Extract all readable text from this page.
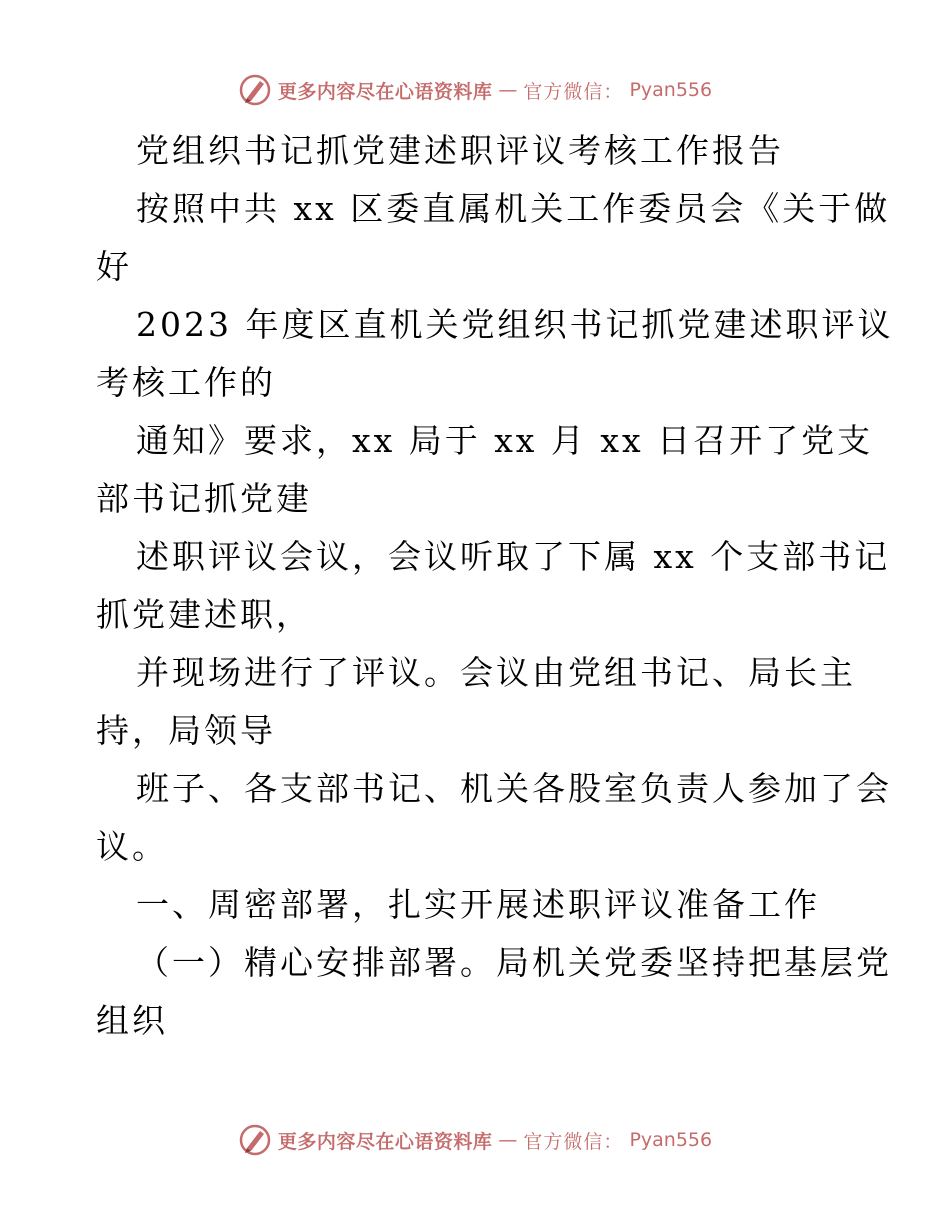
更多内容尽在心语资料库 — 官方微信： Pyan556
党组织书记抓党建述职评议考核工作报告
按照中共 xx 区委直属机关工作委员会《关于做
好
2023 年度区直机关党组织书记抓党建述职评议
考核工作的
通知》要求，xx 局于 xx 月 xx 日召开了党支
部书记抓党建
述职评议会议，会议听取了下属 xx 个支部书记
抓党建述职，
并现场进行了评议。会议由党组书记、局长主
持，局领导
班子、各支部书记、机关各股室负责人参加了会
议。
一、周密部署，扎实开展述职评议准备工作
（一）精心安排部署。局机关党委坚持把基层党
组织
更多内容尽在心语资料库 — 官方微信： Pyan556
